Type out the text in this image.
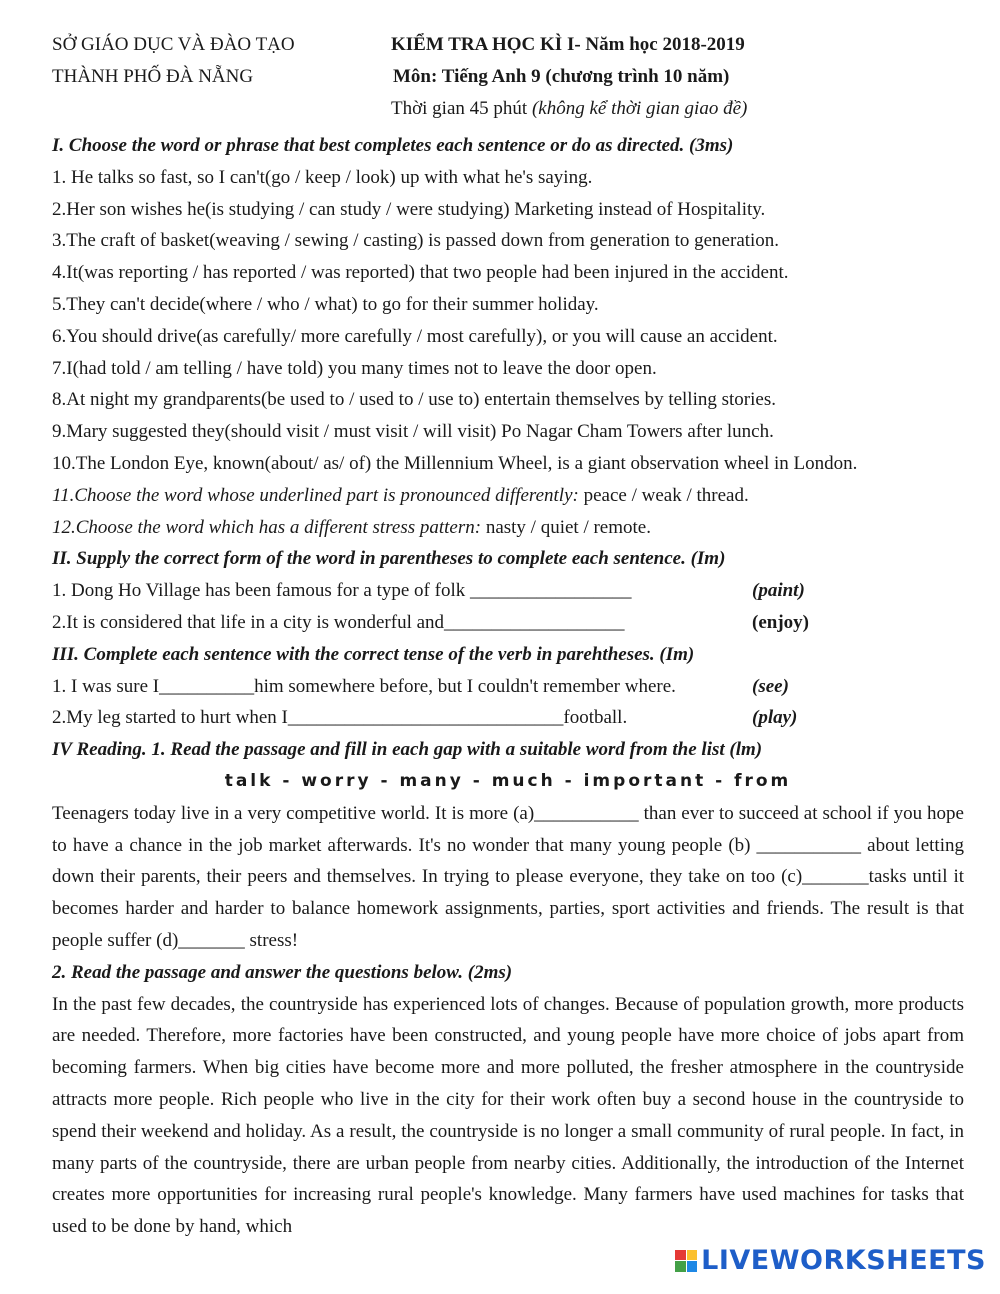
SỞ GIÁO DỤC VÀ ĐÀO TẠO
THÀNH PHỐ ĐÀ NẴNG
KIỂM TRA HỌC KÌ I- Năm học 2018-2019
Môn: Tiếng Anh 9 (chương trình 10 năm)
Thời gian 45 phút (không kể thời gian giao đề)
I. Choose the word or phrase that best completes each sentence or do as directed. (3ms)
1. He talks so fast, so I can't(go / keep / look) up with what he's saying.
2.Her son wishes he(is studying / can study / were studying) Marketing instead of Hospitality.
3.The craft of basket(weaving / sewing / casting) is passed down from generation to generation.
4.It(was reporting / has reported / was reported) that two people had been injured in the accident.
5.They can't decide(where / who / what) to go for their summer holiday.
6.You should drive(as carefully/ more carefully / most carefully), or you will cause an accident.
7.I(had told / am telling / have told) you many times not to leave the door open.
8.At night my grandparents(be used to / used to / use to) entertain themselves by telling stories.
9.Mary suggested they(should visit / must visit / will visit) Po Nagar Cham Towers after lunch.
10.The London Eye, known(about/ as/ of) the Millennium Wheel, is a giant observation wheel in London.
11.Choose the word whose underlined part is pronounced differently: peace / weak / thread.
12.Choose the word which has a different stress pattern: nasty / quiet / remote.
II. Supply the correct form of the word in parentheses to complete each sentence. (Im)
1. Dong Ho Village has been famous for a type of folk _________________	(paint)
2.It is considered that life in a city is wonderful and___________________	(enjoy)
III. Complete each sentence with the correct tense of the verb in parehtheses. (Im)
1. I was sure I__________him somewhere before, but I couldn't remember where.	(see)
2.My leg started to hurt when I_____________________________football.	(play)
IV Reading. 1. Read the passage and fill in each gap with a suitable word from the list (lm)
talk - worry - many - much - important - from
Teenagers today live in a very competitive world. It is more (a)___________ than ever to succeed at school if you hope to have a chance in the job market afterwards. It's no wonder that many young people (b) ___________ about letting down their parents, their peers and themselves. In trying to please everyone, they take on too (c)_______tasks until it becomes harder and harder to balance homework assignments, parties, sport activities and friends. The result is that people suffer (d)_______ stress!
2. Read the passage and answer the questions below. (2ms)
In the past few decades, the countryside has experienced lots of changes. Because of population growth, more products are needed. Therefore, more factories have been constructed, and young people have more choice of jobs apart from becoming farmers. When big cities have become more and more polluted, the fresher atmosphere in the countryside attracts more people. Rich people who live in the city for their work often buy a second house in the countryside to spend their weekend and holiday. As a result, the countryside is no longer a small community of rural people. In fact, in many parts of the countryside, there are urban people from nearby cities. Additionally, the introduction of the Internet creates more opportunities for increasing rural people's knowledge. Many farmers have used machines for tasks that used to be done by hand, which
LIVEWORKSHEETS
